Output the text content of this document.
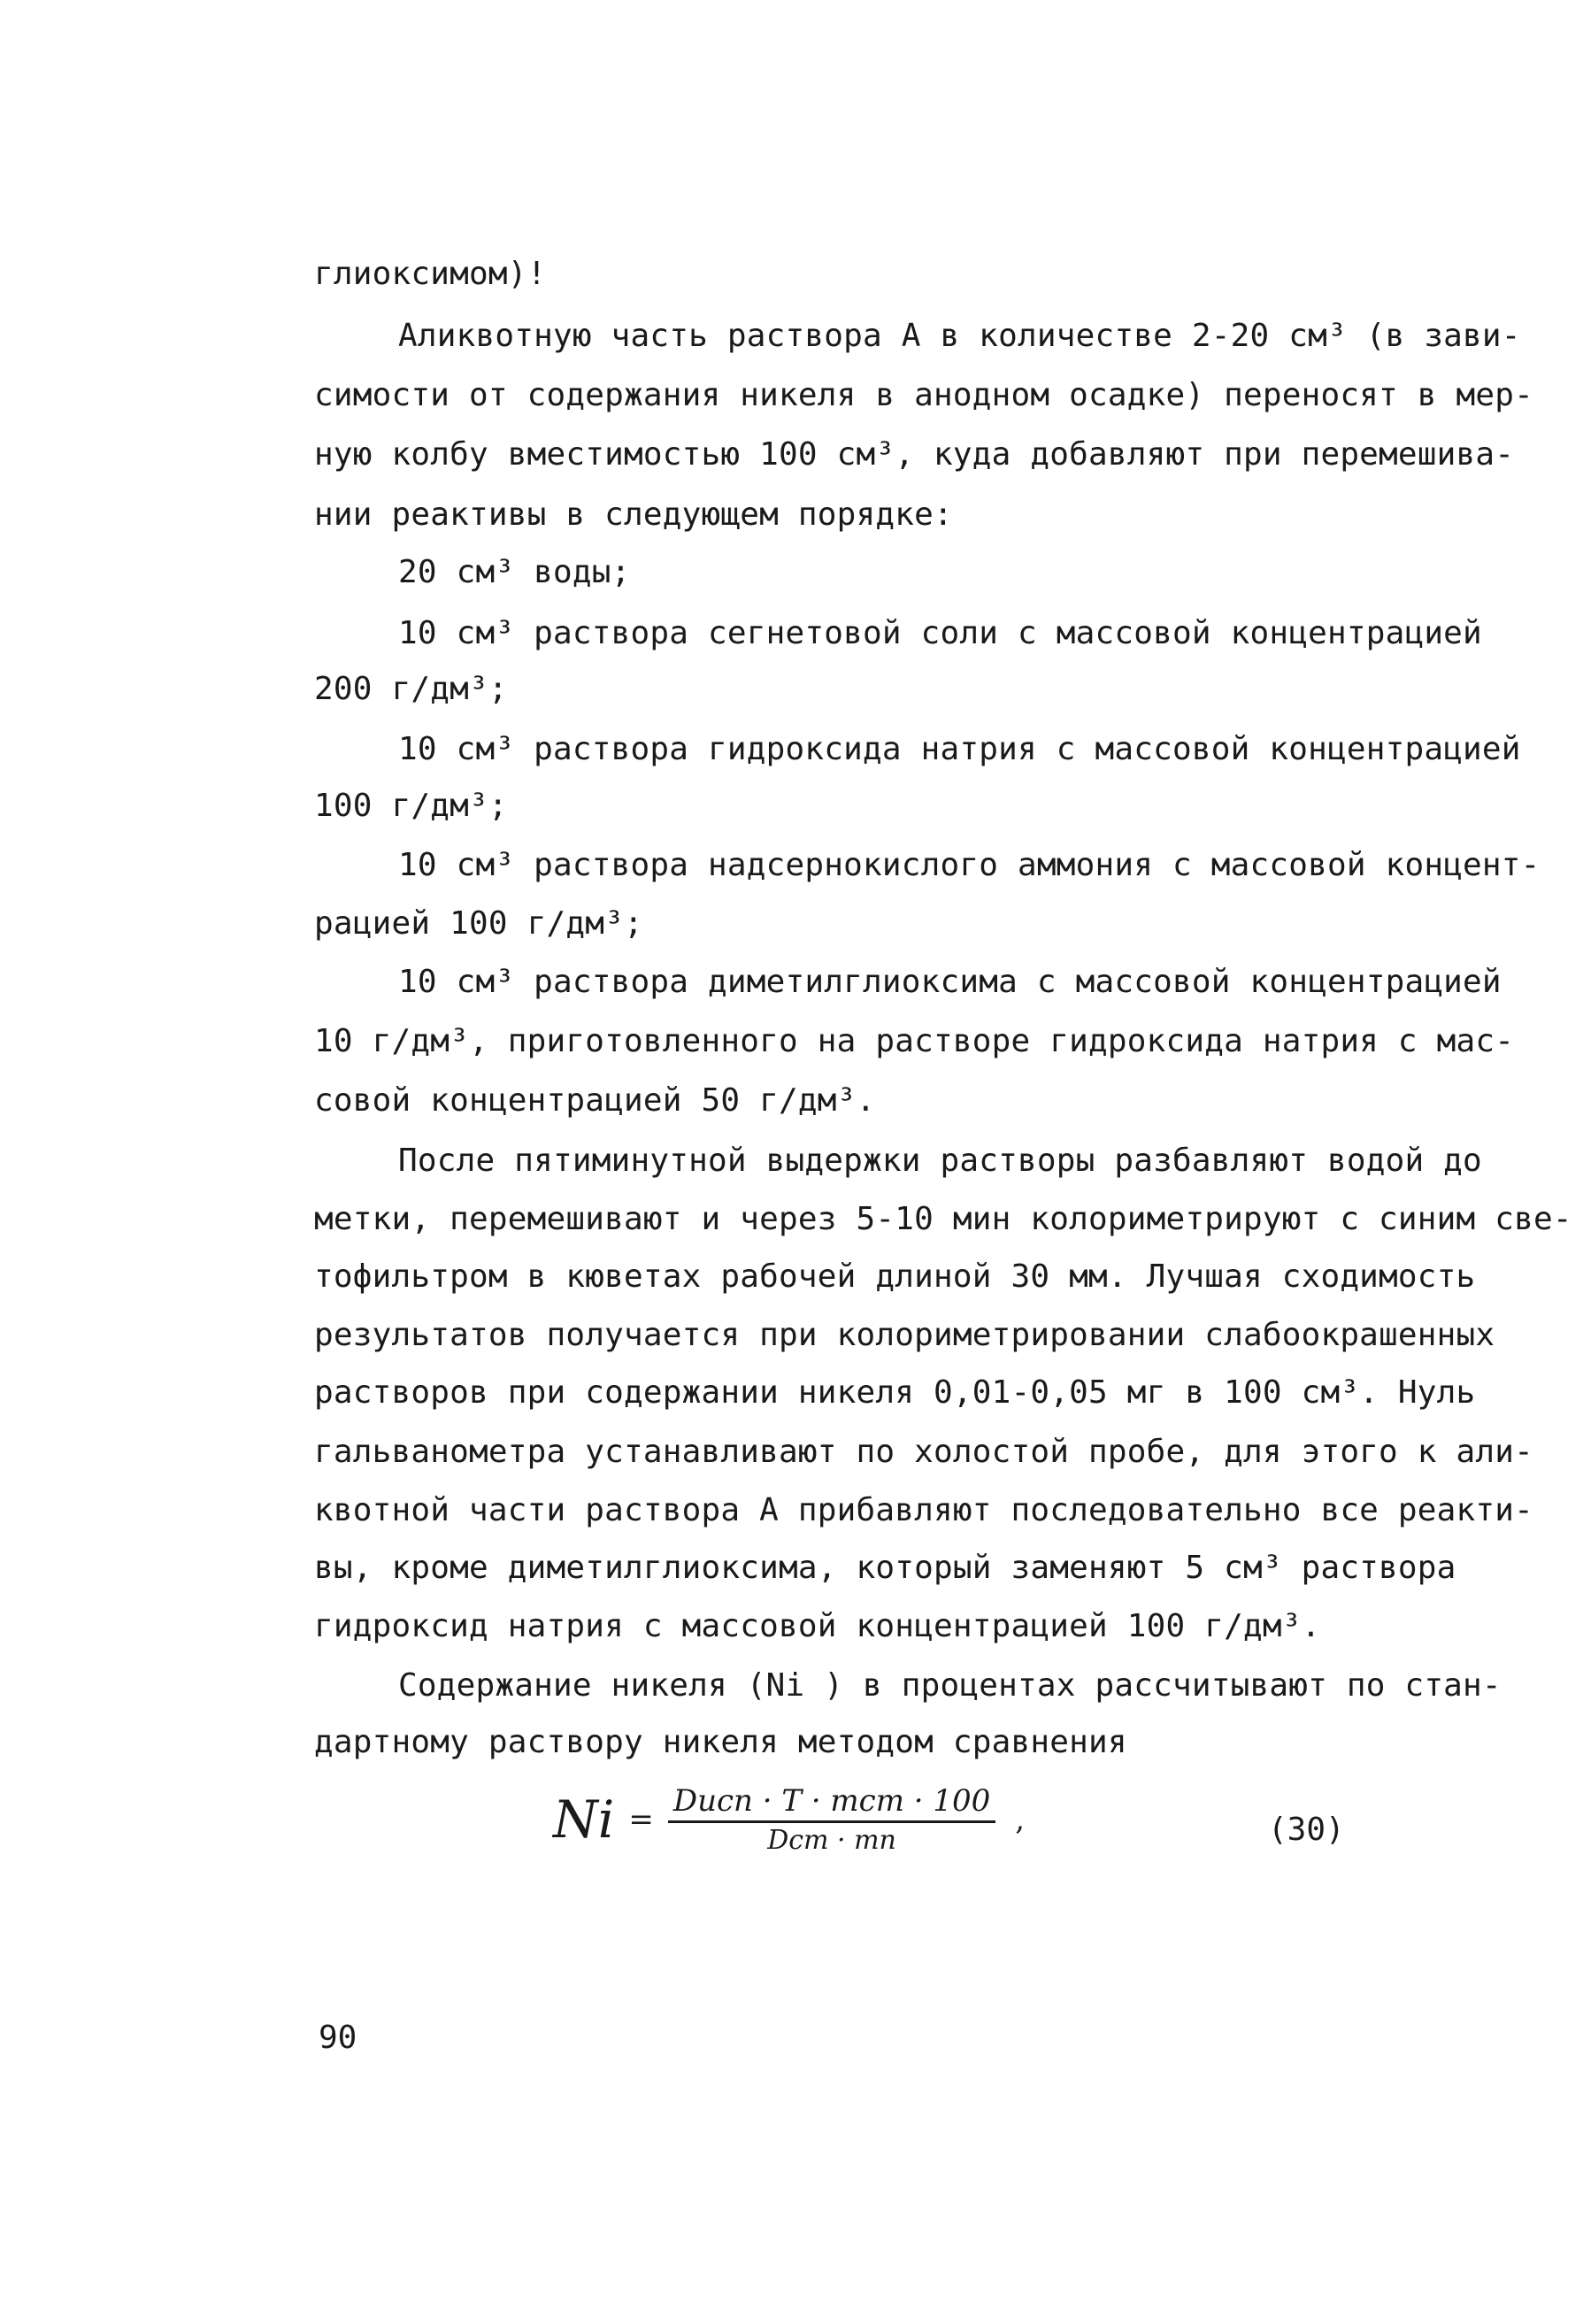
глиоксимом)!
Аликвотную часть раствора А в количестве 2-20 см³ (в зави-
симости от содержания никеля в анодном осадке) переносят в мер-
ную колбу вместимостью 100 см³, куда добавляют при перемешива-
нии реактивы в следующем порядке:
20 см³ воды;
10 см³ раствора сегнетовой соли с массовой концентрацией
200 г/дм³;
10 см³ раствора гидроксида натрия с массовой концентрацией
100 г/дм³;
10 см³ раствора надсернокислого аммония с массовой концент-
рацией 100 г/дм³;
10 см³ раствора диметилглиоксима с массовой концентрацией
10 г/дм³, приготовленного на растворе гидроксида натрия с мас-
совой концентрацией 50 г/дм³.
После пятиминутной выдержки растворы разбавляют водой до
метки, перемешивают и через 5-10 мин колориметрируют с синим све-
тофильтром в кюветах рабочей длиной 30 мм. Лучшая сходимость
результатов получается при колориметрировании слабоокрашенных
растворов при содержании никеля 0,01-0,05 мг в 100 см³. Нуль
гальванометра устанавливают по холостой пробе, для этого к али-
квотной части раствора А прибавляют последовательно все реакти-
вы, кроме диметилглиоксима, который заменяют 5 см³ раствора
гидроксид натрия с массовой концентрацией 100 г/дм³.
Содержание никеля (Ni ) в процентах рассчитывают по стан-
дартному раствору никеля методом сравнения
$Ni = \frac{\text{Dисп · T · mст · 100}}{\text{Dст · mп}}$ ,	(30)
90
